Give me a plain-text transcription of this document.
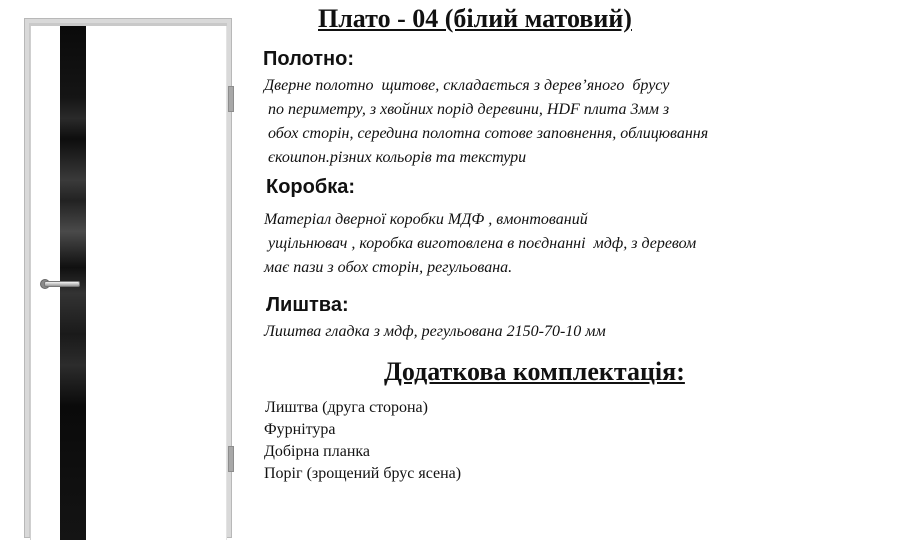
Плато - 04 (білий матовий)
Полотно:

Дверне полотно  щитове, складається з дерев’яного  брусу
по периметру, з хвойних порід деревини, HDF плита 3мм з
обох сторін, середина полотна сотове заповнення, облицювання
єкошпон.різних кольорів та текстури

Коробка:

Матеріал дверної коробки МДФ , вмонтований
ущільнювач , коробка виготовлена в поєднанні  мдф, з деревом
має пази з обох сторін, регульована.

Лиштва:

Лиштва гладка з мдф, регульована 2150-70-10 мм

Додаткова комплектація:
Лиштва (друга сторона)
Фурнітура
Добірна планка
Поріг (зрощений брус ясена)
